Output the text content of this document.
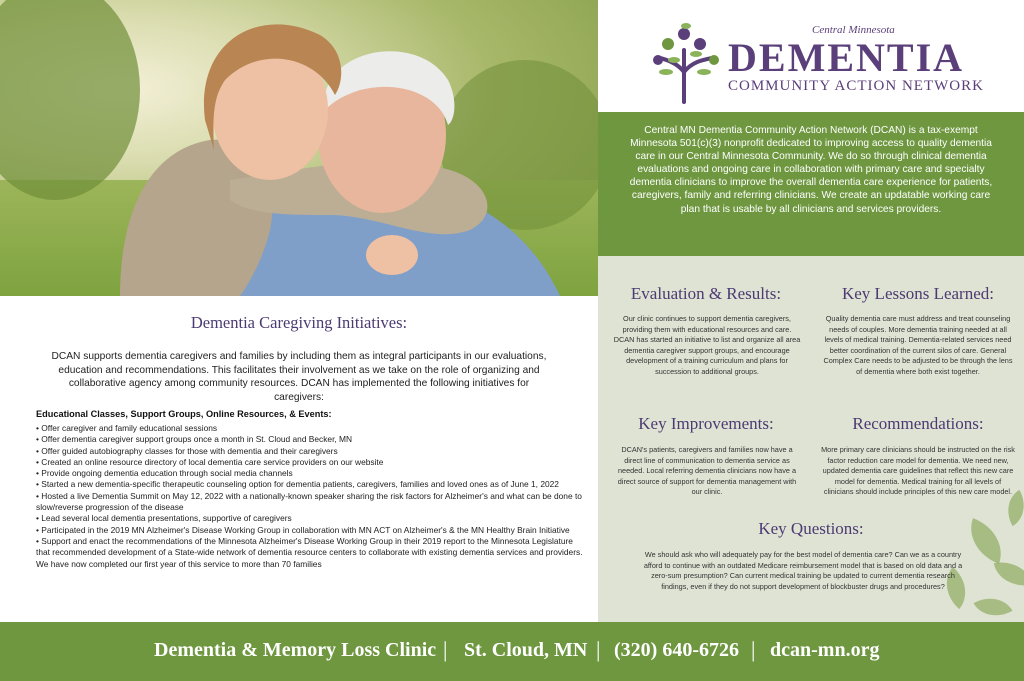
Central Minnesota
DEMENTIA
COMMUNITY ACTION NETWORK
Central MN Dementia Community Action Network (DCAN) is a tax-exempt Minnesota 501(c)(3) nonprofit dedicated to improving access to quality dementia care in our Central Minnesota Community. We do so through clinical dementia evaluations and ongoing care in collaboration with primary care and specialty dementia clinicians to improve the overall dementia care experience for patients, caregivers, family and referring clinicians. We create an updatable working care plan that is usable by all clinicians and services providers.
Evaluation & Results:
Our clinic continues to support dementia caregivers, providing them with educational resources and care. DCAN has started an initiative to list and organize all area dementia caregiver support groups, and encourage development of a training curriculum and plans for succession to additional groups.
Key Lessons Learned:
Quality dementia care must address and treat counseling needs of couples. More dementia training needed at all levels of medical training. Dementia-related services need better coordination of the current silos of care. General Complex Care needs to be adjusted to be through the lens of dementia where both exist together.
Key Improvements:
DCAN's patients, caregivers and families now have a direct line of communication to dementia service as needed. Local referring dementia clinicians now have a direct source of support for dementia management with our clinic.
Recommendations:
More primary care clinicians should be instructed on the risk factor reduction care model for dementia. We need new, updated dementia care guidelines that reflect this new care model for dementia. Medical training for all levels of clinicians should include principles of this new care model.
Key Questions:
We should ask who will adequately pay for the best model of dementia care? Can we as a country afford to continue with an outdated Medicare reimbursement model that is based on old data and a zero-sum presumption? Can current medical training be updated to current dementia research findings, even if they do not support development of blockbuster drugs and procedures?
Dementia Caregiving Initiatives:
DCAN supports dementia caregivers and families by including them as integral participants in our evaluations, education and recommendations. This facilitates their involvement as we take on the role of organizing and collaborative agency among community resources. DCAN has implemented the following initiatives for caregivers:
Educational Classes, Support Groups, Online Resources, & Events:
• Offer caregiver and family educational sessions
• Offer dementia caregiver support groups once a month in St. Cloud and Becker, MN
• Offer guided autobiography classes for those with dementia and their caregivers
• Created an online resource directory of local dementia care service providers on our website
• Provide ongoing dementia education through social media channels
• Started a new dementia-specific therapeutic counseling option for dementia patients, caregivers, families and loved ones as of June 1, 2022
• Hosted a live Dementia Summit on May 12, 2022 with a nationally-known speaker sharing the risk factors for Alzheimer's and what can be done to slow/reverse progression of the disease
• Lead several local dementia presentations, supportive of caregivers
• Participated in the 2019 MN Alzheimer's Disease Working Group in collaboration with MN ACT on Alzheimer's & the MN Healthy Brain Initiative
• Support and enact the recommendations of the Minnesota Alzheimer's Disease Working Group in their 2019 report to the Minnesota Legislature that recommended development of a State-wide network of dementia resource centers to collaborate with existing dementia services and providers. We have now completed our first year of this service to more than 70 families
Dementia & Memory Loss Clinic | St. Cloud, MN | (320) 640-6726 | dcan-mn.org
